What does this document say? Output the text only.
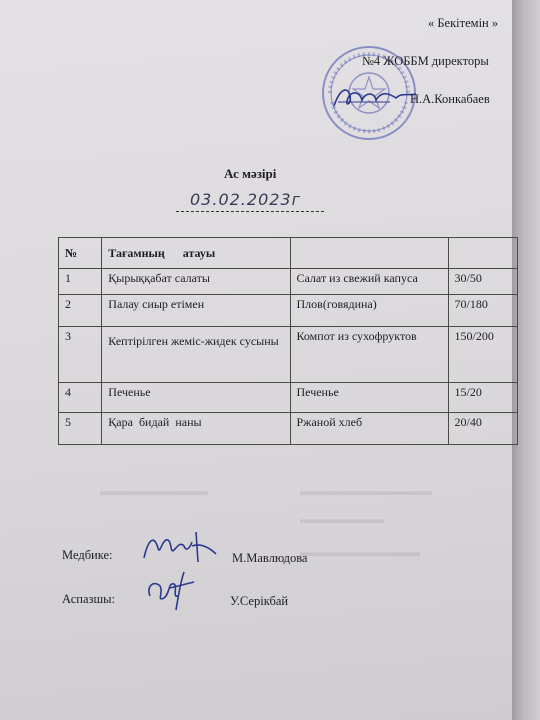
▬▬▬▬▬▬▬▬▬▬▬
▬▬▬▬▬▬▬
▬▬▬▬▬▬▬▬▬
▬▬▬▬▬▬▬▬▬▬
« Бекітемін »
№4 ЖОББМ директоры
Н.А.Конкабаев
Ас мәзірі
03.02.2023г
№	Тағамның      атауы		
1	Қырыққабат салаты	Салат из свежий капуса	30/50
2	Палау сиыр етімен	Плов(говядина)	70/180
3	Кептірілген жеміс-жидек сусыны	Компот из сухофруктов	150/200
4	Печенье	Печенье	15/20
5	Қара  бидай  наны	Ржаной хлеб	20/40
Медбике:	М.Мавлюдова
Аспазшы:	У.Серікбай
